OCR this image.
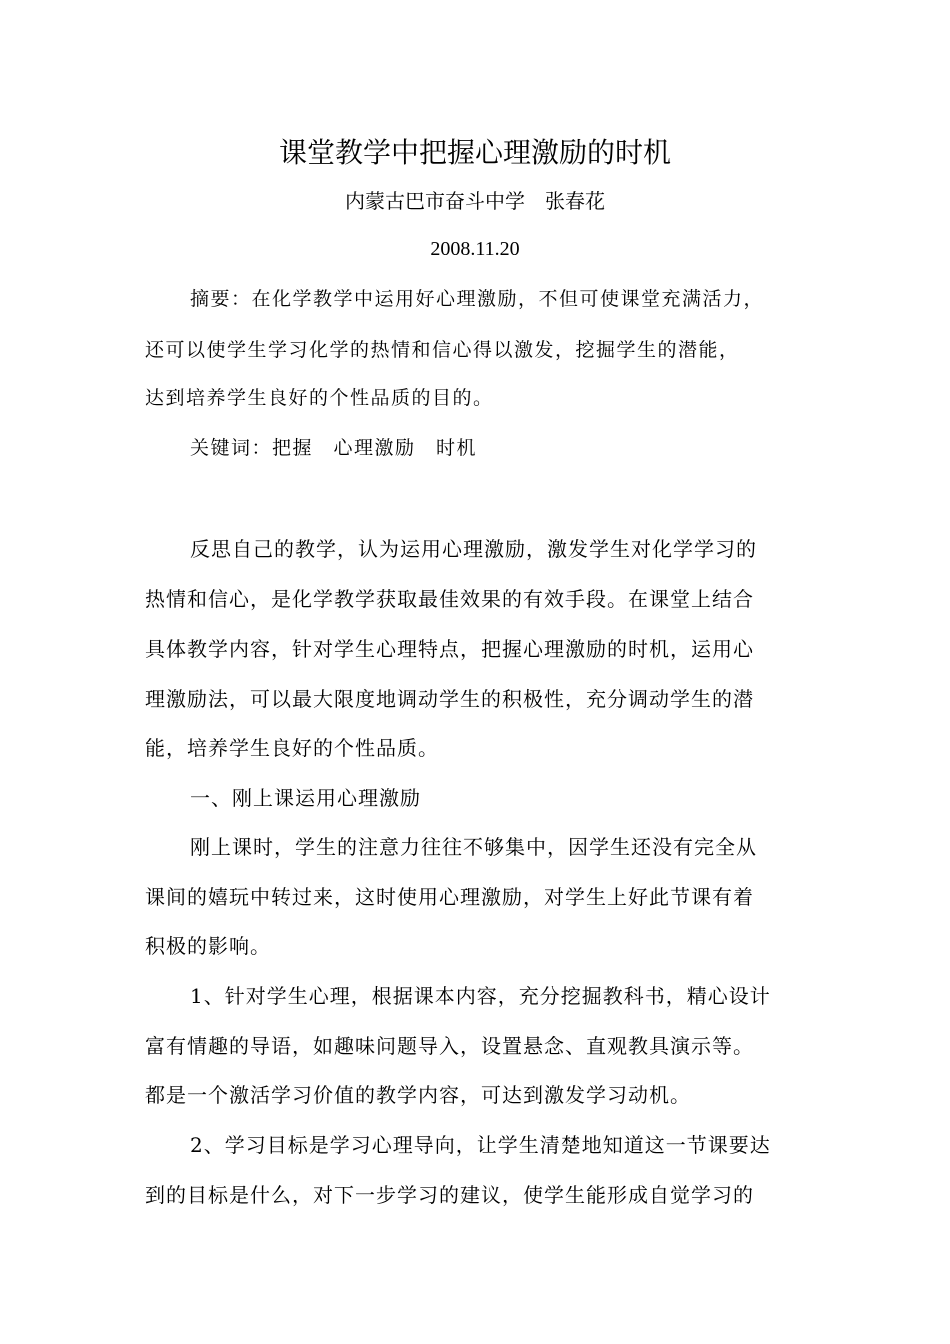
课堂教学中把握心理激励的时机
内蒙古巴市奋斗中学　张春花
2008.11.20
摘要：在化学教学中运用好心理激励，不但可使课堂充满活力，
还可以使学生学习化学的热情和信心得以激发，挖掘学生的潜能，
达到培养学生良好的个性品质的目的。
关键词：把握　心理激励　时机
反思自己的教学，认为运用心理激励，激发学生对化学学习的
热情和信心，是化学教学获取最佳效果的有效手段。在课堂上结合
具体教学内容，针对学生心理特点，把握心理激励的时机，运用心
理激励法，可以最大限度地调动学生的积极性，充分调动学生的潜
能，培养学生良好的个性品质。
一、刚上课运用心理激励
刚上课时，学生的注意力往往不够集中，因学生还没有完全从
课间的嬉玩中转过来，这时使用心理激励，对学生上好此节课有着
积极的影响。
1、针对学生心理，根据课本内容，充分挖掘教科书，精心设计
富有情趣的导语，如趣味问题导入，设置悬念、直观教具演示等。
都是一个激活学习价值的教学内容，可达到激发学习动机。
2、学习目标是学习心理导向，让学生清楚地知道这一节课要达
到的目标是什么，对下一步学习的建议，使学生能形成自觉学习的
